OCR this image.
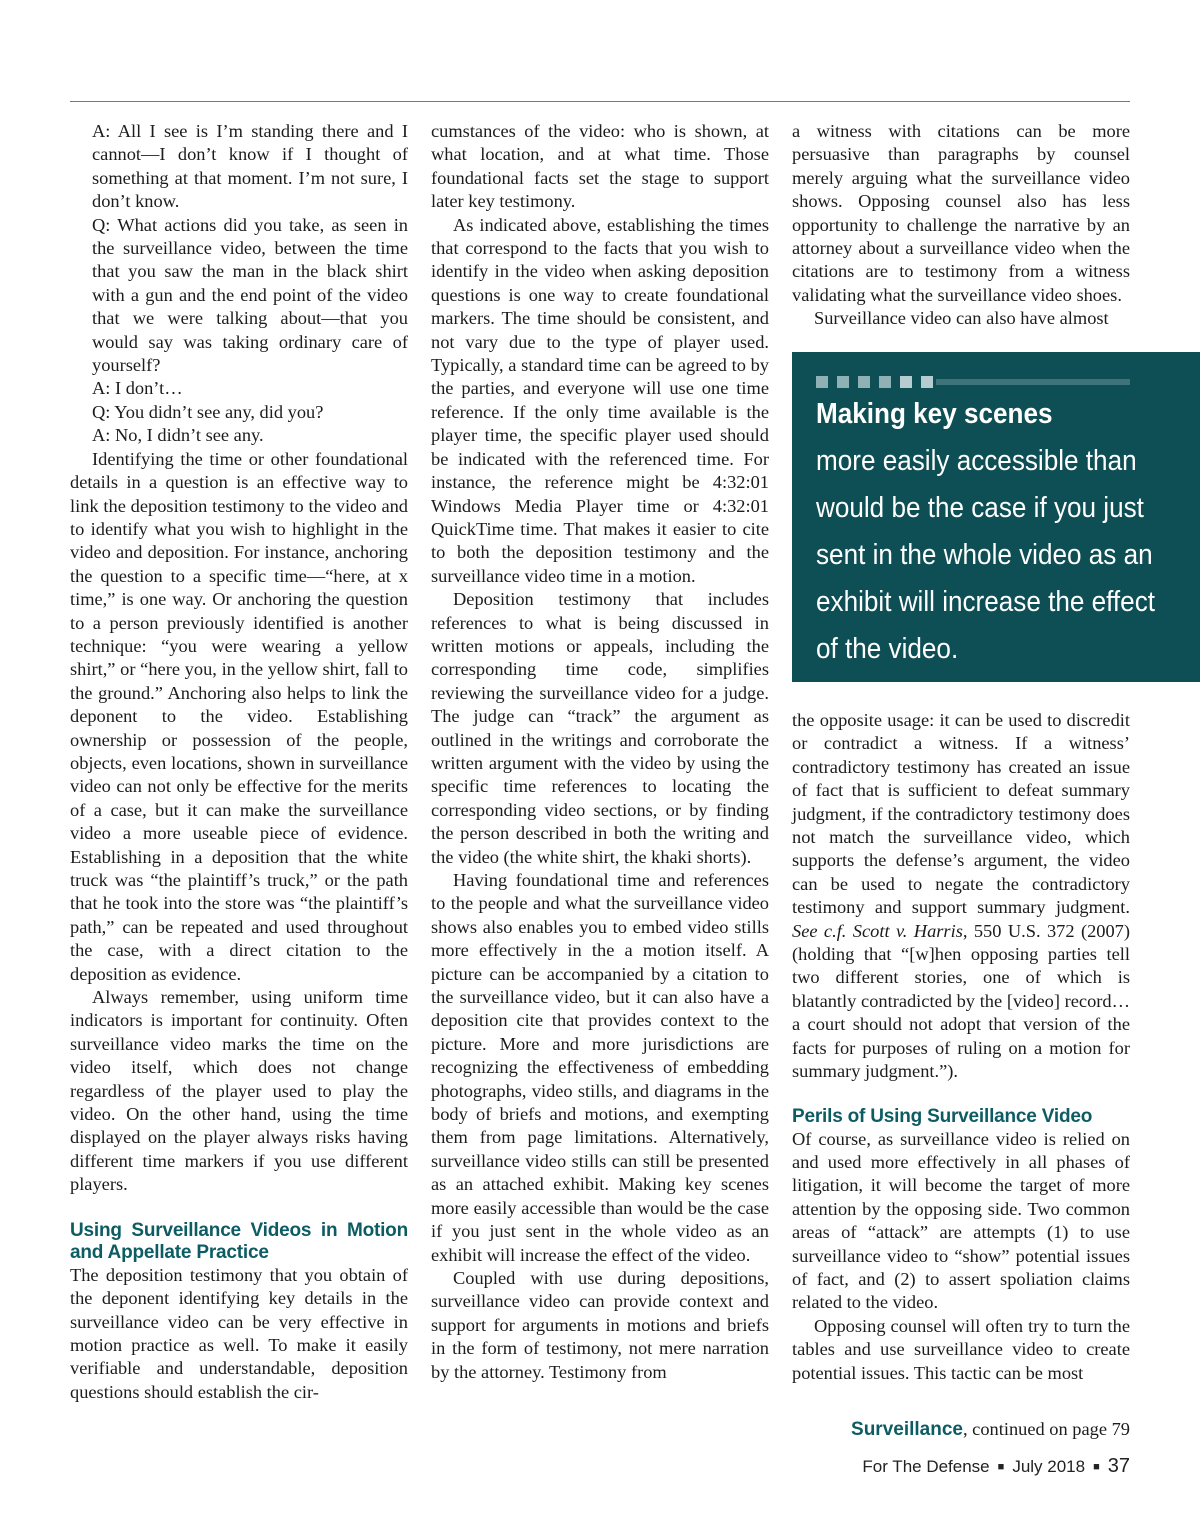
A: All I see is I’m standing there and I cannot—I don’t know if I thought of something at that moment. I’m not sure, I don’t know.

Q: What actions did you take, as seen in the surveillance video, between the time that you saw the man in the black shirt with a gun and the end point of the video that we were talking about—that you would say was taking ordinary care of yourself?

A: I don’t…

Q: You didn’t see any, did you?

A: No, I didn’t see any.

Identifying the time or other foundational details in a question is an effective way to link the deposition testimony to the video and to identify what you wish to highlight in the video and deposition. For instance, anchoring the question to a specific time—“here, at x time,” is one way. Or anchoring the question to a person previously identified is another technique: “you were wearing a yellow shirt,” or “here you, in the yellow shirt, fall to the ground.” Anchoring also helps to link the deponent to the video. Establishing ownership or possession of the people, objects, even locations, shown in surveillance video can not only be effective for the merits of a case, but it can make the surveillance video a more useable piece of evidence. Establishing in a deposition that the white truck was “the plaintiff’s truck,” or the path that he took into the store was “the plaintiff’s path,” can be repeated and used throughout the case, with a direct citation to the deposition as evidence.

Always remember, using uniform time indicators is important for continuity. Often surveillance video marks the time on the video itself, which does not change regardless of the player used to play the video. On the other hand, using the time displayed on the player always risks having different time markers if you use different players.

Using Surveillance Videos in Motion and Appellate Practice

The deposition testimony that you obtain of the deponent identifying key details in the surveillance video can be very effective in motion practice as well. To make it easily verifiable and understandable, deposition questions should establish the cir-

cumstances of the video: who is shown, at what location, and at what time. Those foundational facts set the stage to support later key testimony.

As indicated above, establishing the times that correspond to the facts that you wish to identify in the video when asking deposition questions is one way to create foundational markers. The time should be consistent, and not vary due to the type of player used. Typically, a standard time can be agreed to by the parties, and everyone will use one time reference. If the only time available is the player time, the specific player used should be indicated with the referenced time. For instance, the reference might be 4:32:01 Windows Media Player time or 4:32:01 QuickTime time. That makes it easier to cite to both the deposition testimony and the surveillance video time in a motion.

Deposition testimony that includes references to what is being discussed in written motions or appeals, including the corresponding time code, simplifies reviewing the surveillance video for a judge. The judge can “track” the argument as outlined in the writings and corroborate the written argument with the video by using the specific time references to locating the corresponding video sections, or by finding the person described in both the writing and the video (the white shirt, the khaki shorts).

Having foundational time and references to the people and what the surveillance video shows also enables you to embed video stills more effectively in the a motion itself. A picture can be accompanied by a citation to the surveillance video, but it can also have a deposition cite that provides context to the picture. More and more jurisdictions are recognizing the effectiveness of embedding photographs, video stills, and diagrams in the body of briefs and motions, and exempting them from page limitations. Alternatively, surveillance video stills can still be presented as an attached exhibit. Making key scenes more easily accessible than would be the case if you just sent in the whole video as an exhibit will increase the effect of the video.

Coupled with use during depositions, surveillance video can provide context and support for arguments in motions and briefs in the form of testimony, not mere narration by the attorney. Testimony from

a witness with citations can be more persuasive than paragraphs by counsel merely arguing what the surveillance video shows. Opposing counsel also has less opportunity to challenge the narrative by an attorney about a surveillance video when the citations are to testimony from a witness validating what the surveillance video shoes.

Surveillance video can also have almost

Making key scenes
more easily accessible than would be the case if you just sent in the whole video as an exhibit will increase the effect of the video.

the opposite usage: it can be used to discredit or contradict a witness. If a witness’ contradictory testimony has created an issue of fact that is sufficient to defeat summary judgment, if the contradictory testimony does not match the surveillance video, which supports the defense’s argument, the video can be used to negate the contradictory testimony and support summary judgment. See c.f. Scott v. Harris, 550 U.S. 372 (2007) (holding that “[w]hen opposing parties tell two different stories, one of which is blatantly contradicted by the [video] record… a court should not adopt that version of the facts for purposes of ruling on a motion for summary judgment.”).

Perils of Using Surveillance Video

Of course, as surveillance video is relied on and used more effectively in all phases of litigation, it will become the target of more attention by the opposing side. Two common areas of “attack” are attempts (1) to use surveillance video to “show” potential issues of fact, and (2) to assert spoliation claims related to the video.

Opposing counsel will often try to turn the tables and use surveillance video to create potential issues. This tactic can be most

Surveillance, continued on page 79
For The Defense ■ July 2018 ■ 37
